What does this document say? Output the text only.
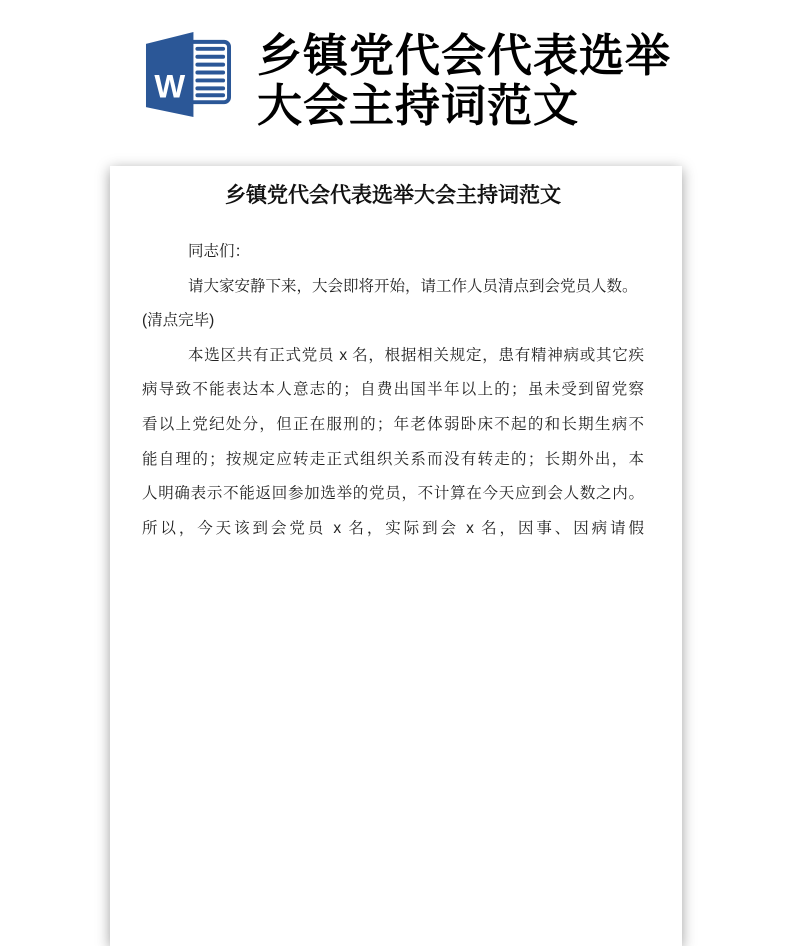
W
乡镇党代会代表选举
大会主持词范文
乡镇党代会代表选举大会主持词范文
同志们：
请大家安静下来，大会即将开始，请工作人员清点到会党员人数。
(清点完毕)
本选区共有正式党员 x 名，根据相关规定，患有精神病或其它疾
病导致不能表达本人意志的；自费出国半年以上的；虽未受到留党察
看以上党纪处分，但正在服刑的；年老体弱卧床不起的和长期生病不
能自理的；按规定应转走正式组织关系而没有转走的；长期外出，本
人明确表示不能返回参加选举的党员，不计算在今天应到会人数之内。
所以，今天该到会党员 x 名，实际到会 x 名，因事、因病请假
